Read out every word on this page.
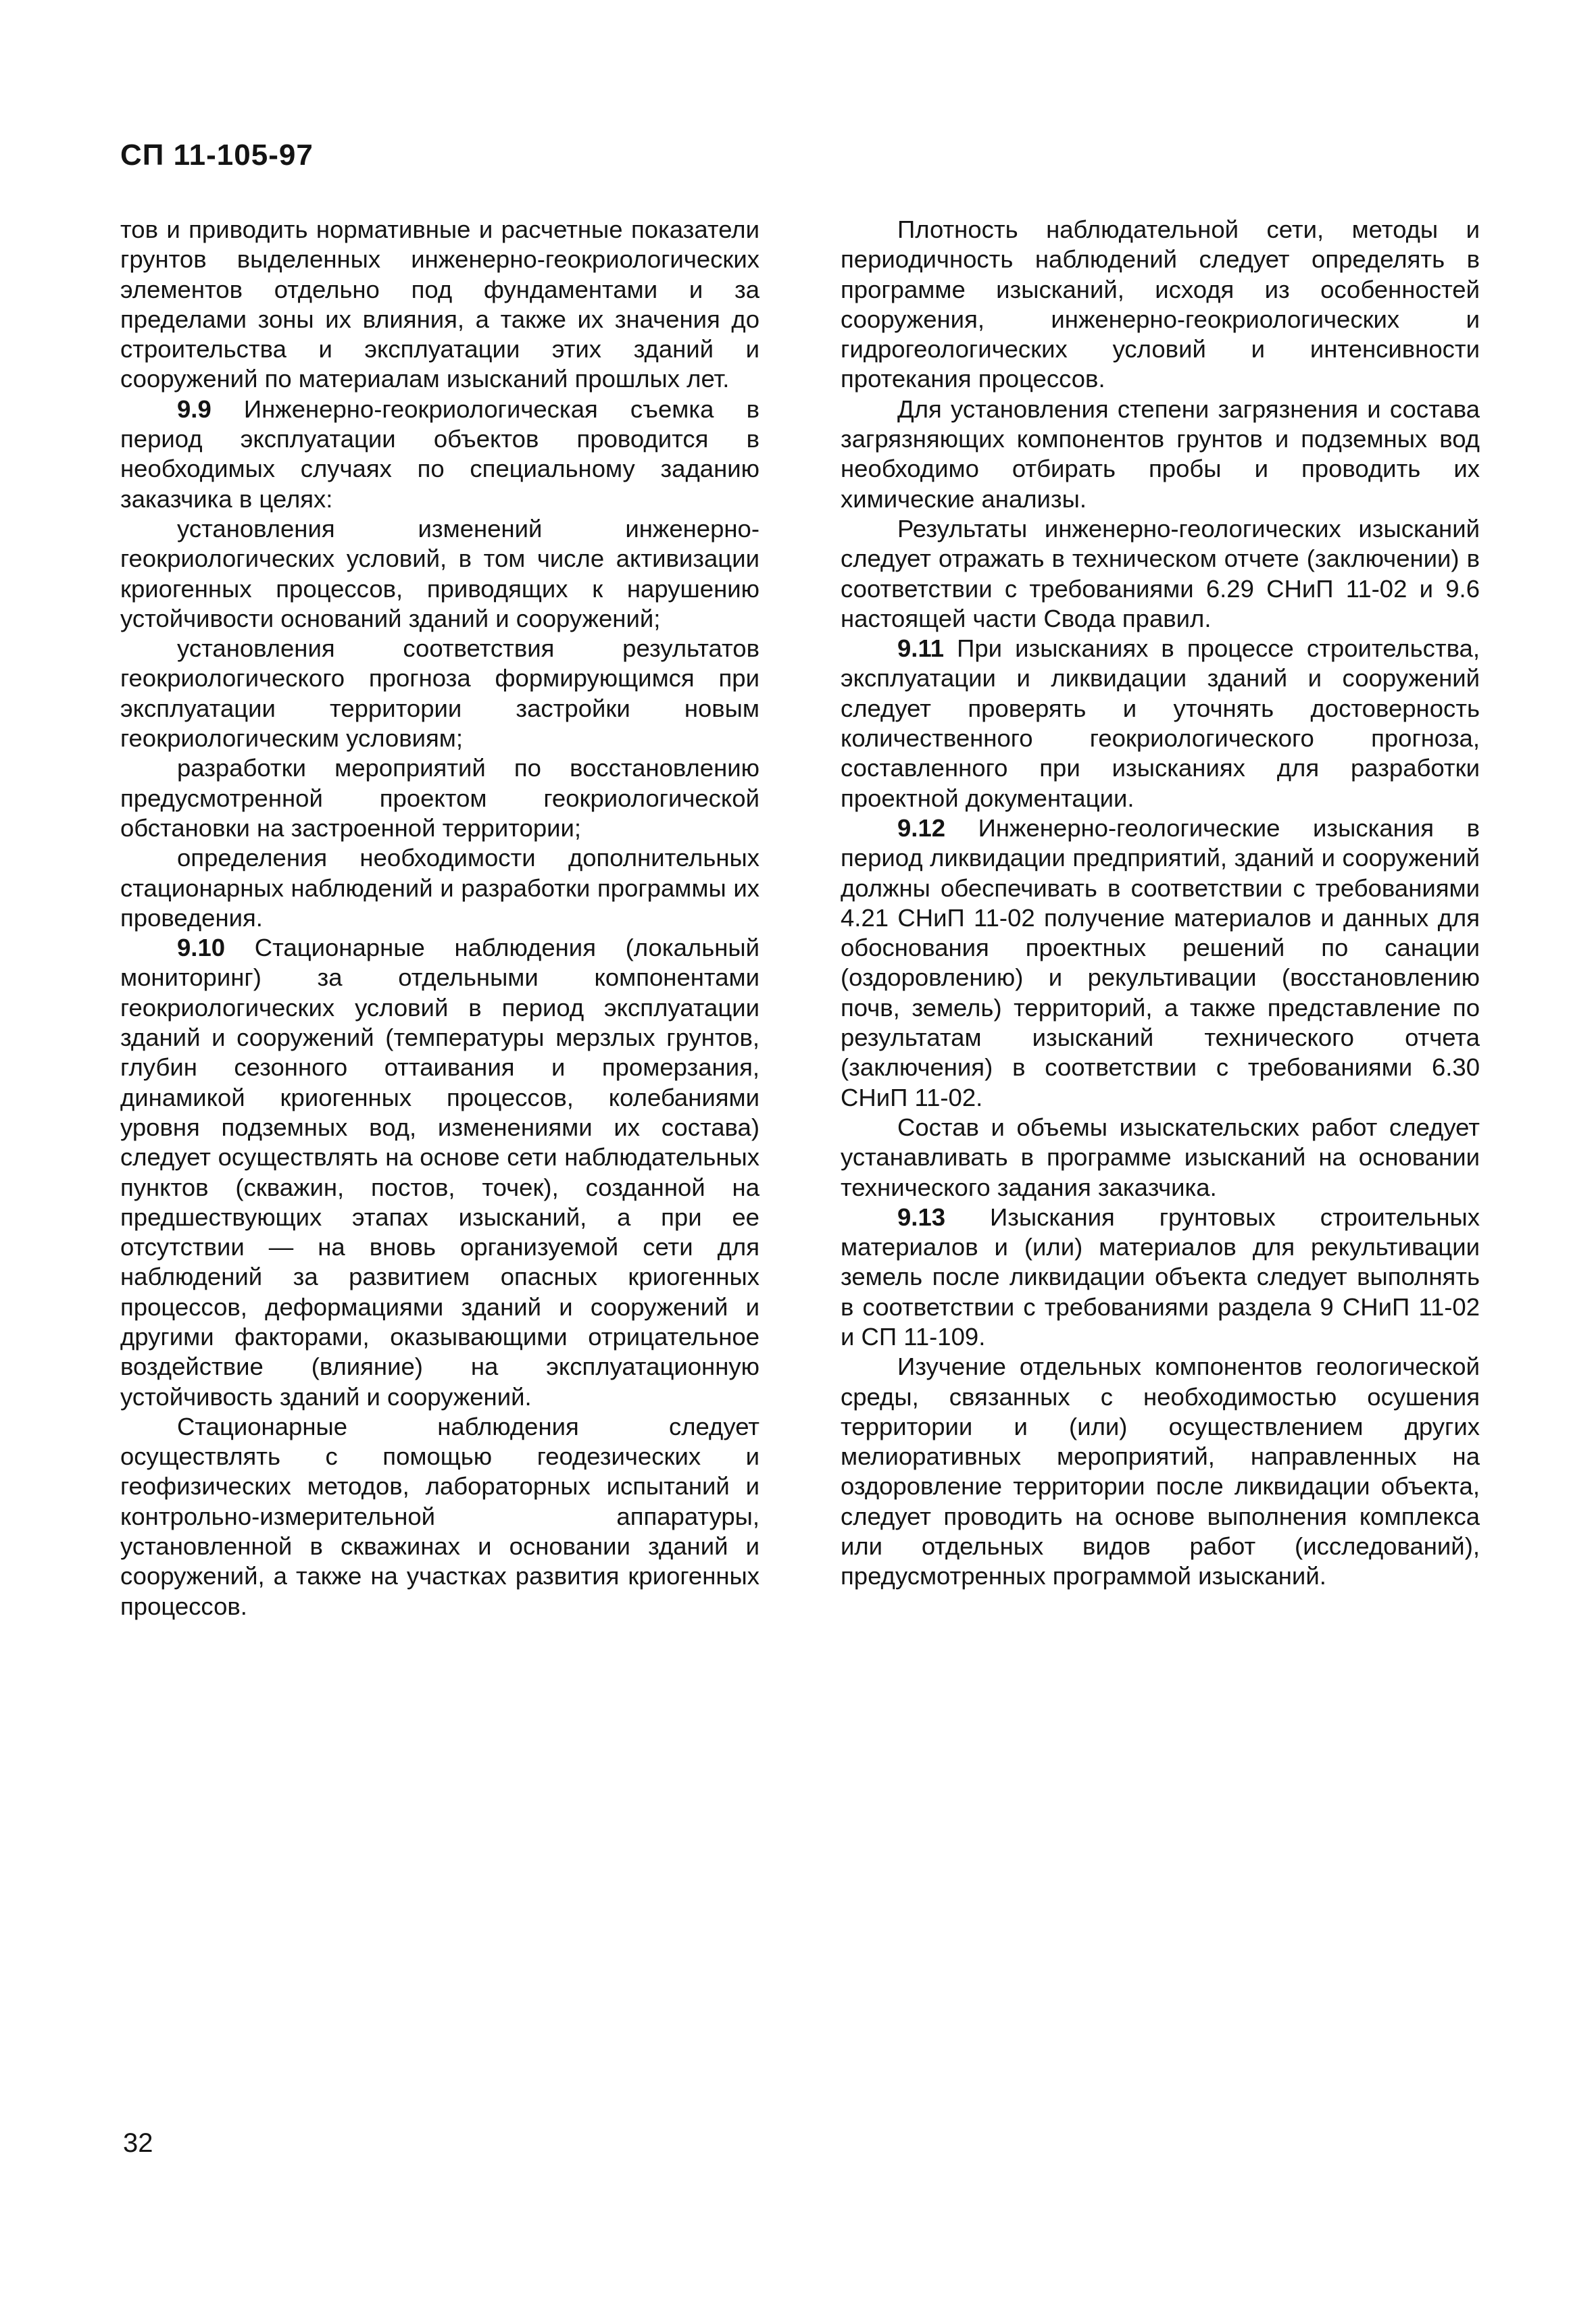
СП 11-105-97

тов и приводить нормативные и расчетные показатели грунтов выделенных инженерно-геокриологических элементов отдельно под фундаментами и за пределами зоны их влияния, а также их значения до строительства и эксплуатации этих зданий и сооружений по материалам изысканий прошлых лет.

9.9 Инженерно-геокриологическая съемка в период эксплуатации объектов проводится в необходимых случаях по специальному заданию заказчика в целях:

установления изменений инженерно-геокриологических условий, в том числе активизации криогенных процессов, приводящих к нарушению устойчивости оснований зданий и сооружений;

установления соответствия результатов геокриологического прогноза формирующимся при эксплуатации территории застройки новым геокриологическим условиям;

разработки мероприятий по восстановлению предусмотренной проектом геокриологической обстановки на застроенной территории;

определения необходимости дополнительных стационарных наблюдений и разработки программы их проведения.

9.10 Стационарные наблюдения (локальный мониторинг) за отдельными компонентами геокриологических условий в период эксплуатации зданий и сооружений (температуры мерзлых грунтов, глубин сезонного оттаивания и промерзания, динамикой криогенных процессов, колебаниями уровня подземных вод, изменениями их состава) следует осуществлять на основе сети наблюдательных пунктов (скважин, постов, точек), созданной на предшествующих этапах изысканий, а при ее отсутствии — на вновь организуемой сети для наблюдений за развитием опасных криогенных процессов, деформациями зданий и сооружений и другими факторами, оказывающими отрицательное воздействие (влияние) на эксплуатационную устойчивость зданий и сооружений.

Стационарные наблюдения следует осуществлять с помощью геодезических и геофизических методов, лабораторных испытаний и контрольно-измерительной аппаратуры, установленной в скважинах и основании зданий и сооружений, а также на участках развития криогенных процессов.

Плотность наблюдательной сети, методы и периодичность наблюдений следует определять в программе изысканий, исходя из особенностей сооружения, инженерно-геокриологических и гидрогеологических условий и интенсивности протекания процессов.

Для установления степени загрязнения и состава загрязняющих компонентов грунтов и подземных вод необходимо отбирать пробы и проводить их химические анализы.

Результаты инженерно-геологических изысканий следует отражать в техническом отчете (заключении) в соответствии с требованиями 6.29 СНиП 11-02 и 9.6 настоящей части Свода правил.

9.11 При изысканиях в процессе строительства, эксплуатации и ликвидации зданий и сооружений следует проверять и уточнять достоверность количественного геокриологического прогноза, составленного при изысканиях для разработки проектной документации.

9.12 Инженерно-геологические изыскания в период ликвидации предприятий, зданий и сооружений должны обеспечивать в соответствии с требованиями 4.21 СНиП 11-02 получение материалов и данных для обоснования проектных решений по санации (оздоровлению) и рекультивации (восстановлению почв, земель) территорий, а также представление по результатам изысканий технического отчета (заключения) в соответствии с требованиями 6.30 СНиП 11-02.

Состав и объемы изыскательских работ следует устанавливать в программе изысканий на основании технического задания заказчика.

9.13 Изыскания грунтовых строительных материалов и (или) материалов для рекультивации земель после ликвидации объекта следует выполнять в соответствии с требованиями раздела 9 СНиП 11-02 и СП 11-109.

Изучение отдельных компонентов геологической среды, связанных с необходимостью осушения территории и (или) осуществлением других мелиоративных мероприятий, направленных на оздоровление территории после ликвидации объекта, следует проводить на основе выполнения комплекса или отдельных видов работ (исследований), предусмотренных программой изысканий.

32
